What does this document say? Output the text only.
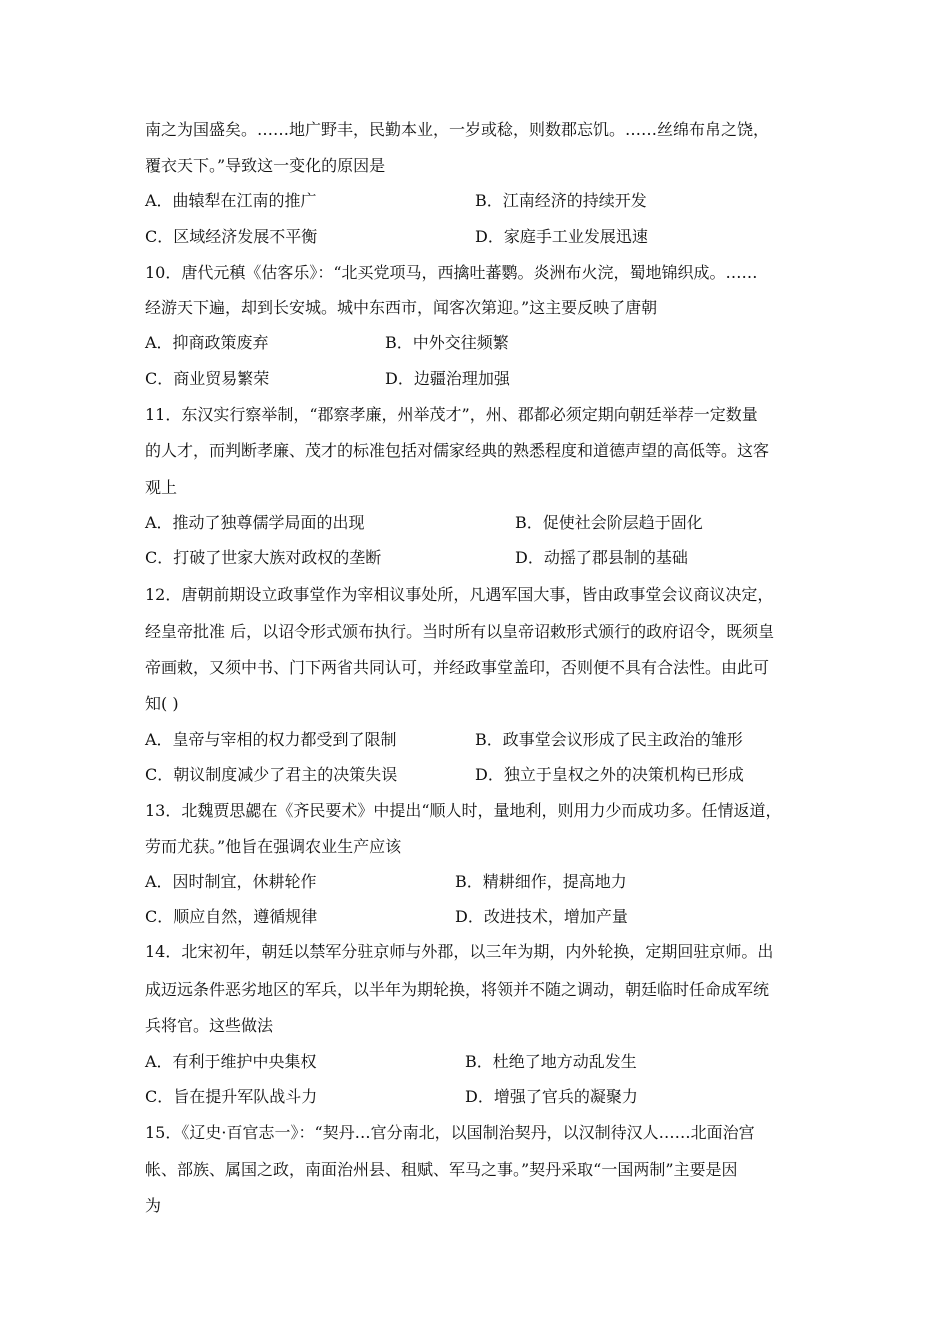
南之为国盛矣。……地广野丰，民勤本业，一岁或稔，则数郡忘饥。……丝绵布帛之饶，
覆衣天下。”导致这一变化的原因是
A．曲辕犁在江南的推广	B．江南经济的持续开发
C．区域经济发展不平衡	D．家庭手工业发展迅速
10．唐代元稹《估客乐》：“北买党项马，西擒吐蕃鹦。炎洲布火浣，蜀地锦织成。……
经游天下遍，却到长安城。城中东西市，闻客次第迎。”这主要反映了唐朝
A．抑商政策废弃	B．中外交往频繁
C．商业贸易繁荣	D．边疆治理加强
11．东汉实行察举制，“郡察孝廉，州举茂才”，州、郡都必须定期向朝廷举荐一定数量
的人才，而判断孝廉、茂才的标准包括对儒家经典的熟悉程度和道德声望的高低等。这客
观上
A．推动了独尊儒学局面的出现	B．促使社会阶层趋于固化
C．打破了世家大族对政权的垄断	D．动摇了郡县制的基础
12．唐朝前期设立政事堂作为宰相议事处所，凡遇军国大事，皆由政事堂会议商议决定，
经皇帝批准 后，以诏令形式颁布执行。当时所有以皇帝诏敕形式颁行的政府诏令，既须皇
帝画敕，又须中书、门下两省共同认可，并经政事堂盖印，否则便不具有合法性。由此可
知( )
A．皇帝与宰相的权力都受到了限制	B．政事堂会议形成了民主政治的雏形
C．朝议制度减少了君主的决策失误	D．独立于皇权之外的决策机构已形成
13．北魏贾思勰在《齐民要术》中提出“顺人时，量地利，则用力少而成功多。任情返道，
劳而尤获。”他旨在强调农业生产应该
A．因时制宜，休耕轮作	B．精耕细作，提高地力
C．顺应自然，遵循规律	D．改进技术，增加产量
14．北宋初年，朝廷以禁军分驻京师与外郡，以三年为期，内外轮换，定期回驻京师。出
成迈远条件恶劣地区的军兵，以半年为期轮换，将领并不随之调动，朝廷临时任命成军统
兵将官。这些做法
A．有利于维护中央集权	B．杜绝了地方动乱发生
C．旨在提升军队战斗力	D．增强了官兵的凝聚力
15．《辽史·百官志一》：“契丹…官分南北，以国制治契丹，以汉制待汉人……北面治宫
帐、部族、属国之政，南面治州县、租赋、军马之事。”契丹采取“一国两制”主要是因
为
